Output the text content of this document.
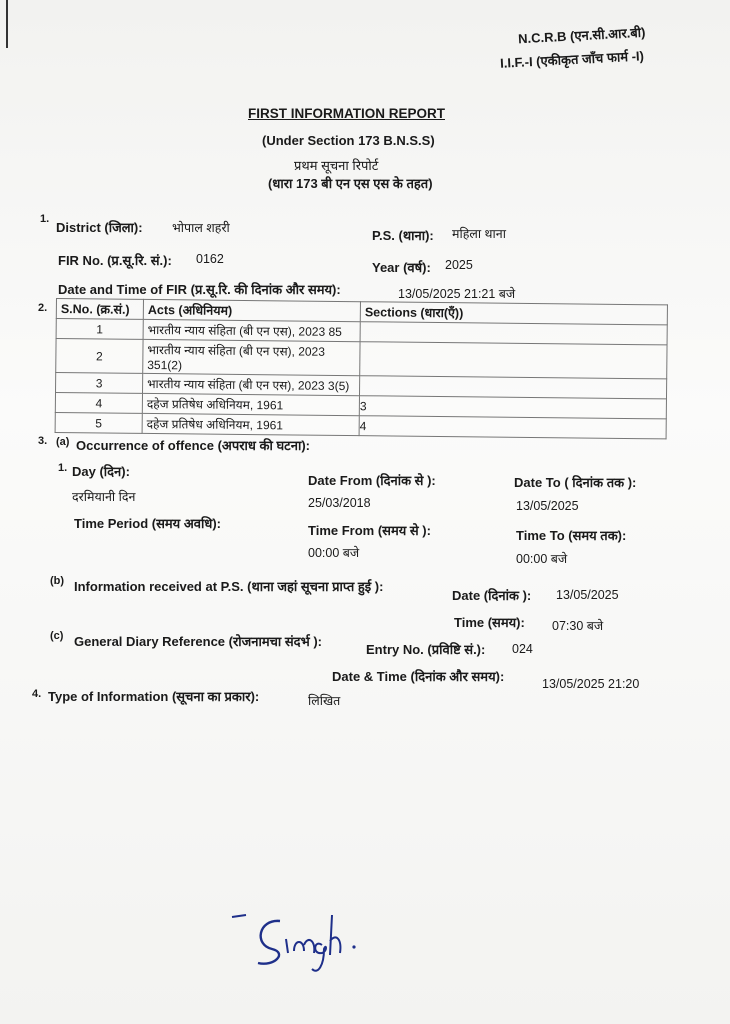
N.C.R.B (एन.सी.आर.बी)
I.I.F.-I (एकीकृत जाँच फार्म -I)
FIRST INFORMATION REPORT
(Under Section 173 B.N.S.S)
प्रथम सूचना रिपोर्ट
(धारा 173 बी एन एस एस के तहत)
1.
District (जिला): भोपाल शहरी	P.S. (थाना): महिला थाना
FIR No. (प्र.सू.रि. सं.): 0162
Year (वर्ष): 2025
Date and Time of FIR (प्र.सू.रि. की दिनांक और समय):	13/05/2025 21:21 बजे
2. S.No. (क्र.सं.)	Acts (अधिनियम)	Sections (धारा(एँ))
1	भारतीय न्याय संहिता (बी एन एस), 2023 85	
2	भारतीय न्याय संहिता (बी एन एस), 2023 351(2)	
3	भारतीय न्याय संहिता (बी एन एस), 2023 3(5)	
4	दहेज प्रतिषेध अधिनियम, 1961	3
5	दहेज प्रतिषेध अधिनियम, 1961	4
3. (a) Occurrence of offence (अपराध की घटना):
1. Day (दिन):
दरमियानी दिन
Date From (दिनांक से ):
25/03/2018
Date To ( दिनांक तक ):
13/05/2025
Time Period (समय अवधि):	Time From (समय से ):
00:00 बजे
Time To (समय तक):
00:00 बजे
(b) Information received at P.S. (थाना जहां सूचना प्राप्त हुई ):
Date (दिनांक ): 13/05/2025
Time (समय): 07:30 बजे
(c) General Diary Reference (रोजनामचा संदर्भ ):
Entry No. (प्रविष्टि सं.): 024
Date & Time (दिनांक और समय):	13/05/2025 21:20
4. Type of Information (सूचना का प्रकार):	लिखित
